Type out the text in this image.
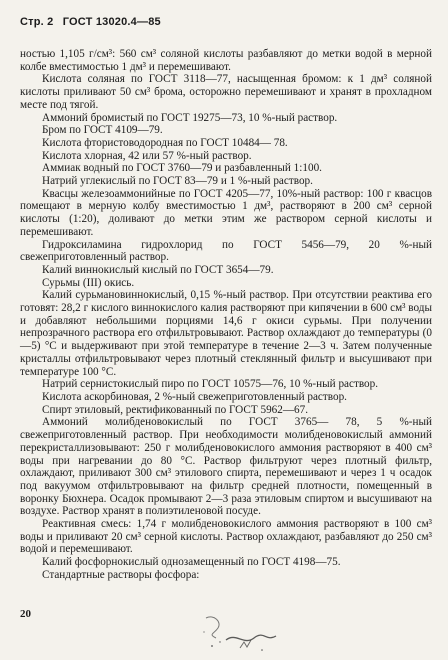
Стр. 2 ГОСТ 13020.4—85

ностью 1,105 г/см³: 560 см³ соляной кислоты разбавляют до метки водой в мерной колбе вместимостью 1 дм³ и перемешивают.

Кислота соляная по ГОСТ 3118—77, насыщенная бромом: к 1 дм³ соляной кислоты приливают 50 см³ брома, осторожно перемешивают и хранят в прохладном месте под тягой.

Аммоний бромистый по ГОСТ 19275—73, 10 %-ный раствор.

Бром по ГОСТ 4109—79.

Кислота фтористоводородная по ГОСТ 10484— 78.

Кислота хлорная, 42 или 57 %-ный раствор.

Аммиак водный по ГОСТ 3760—79 и разбавленный 1:100.

Натрий углекислый по ГОСТ 83—79 и 1 %-ный раствор.

Квасцы железоаммонийные по ГОСТ 4205—77, 10%-ный раствор: 100 г квасцов помещают в мерную колбу вместимостью 1 дм³, растворяют в 200 см³ серной кислоты (1:20), доливают до метки этим же раствором серной кислоты и перемешивают.

Гидроксиламина гидрохлорид по ГОСТ 5456—79, 20 %-ный свежеприготовленный раствор.

Калий виннокислый кислый по ГОСТ 3654—79.

Сурьмы (III) окись.

Калий сурьмановиннокислый, 0,15 %-ный раствор. При отсутствии реактива его готовят: 28,2 г кислого виннокислого калия растворяют при кипячении в 600 см³ воды и добавляют небольшими порциями 14,6 г окиси сурьмы. При получении непрозрачного раствора его отфильтровывают. Раствор охлаждают до температуры (0—5) °С и выдерживают при этой температуре в течение 2—3 ч. Затем полученные кристаллы отфильтровывают через плотный стеклянный фильтр и высушивают при температуре 100 °С.

Натрий сернистокислый пиро по ГОСТ 10575—76, 10 %-ный раствор.

Кислота аскорбиновая, 2 %-ный свежеприготовленный раствор.

Спирт этиловый, ректификованный по ГОСТ 5962—67.

Аммоний молибденовокислый по ГОСТ 3765— 78, 5 %-ный свежеприготовленный раствор. При необходимости молибденовокислый аммоний перекристаллизовывают: 250 г молибденовокислого аммония растворяют в 400 см³ воды при нагревании до 80 °С. Раствор фильтруют через плотный фильтр, охлаждают, приливают 300 см³ этилового спирта, перемешивают и через 1 ч осадок под вакуумом отфильтровывают на фильтр средней плотности, помещенный в воронку Бюхнера. Осадок промывают 2—3 раза этиловым спиртом и высушивают на воздухе. Раствор хранят в полиэтиленовой посуде.

Реактивная смесь: 1,74 г молибденовокислого аммония растворяют в 100 см³ воды и приливают 20 см³ серной кислоты. Раствор охлаждают, разбавляют до 250 см³ водой и перемешивают.

Калий фосфорнокислый однозамещенный по ГОСТ 4198—75.

Стандартные растворы фосфора:

20
